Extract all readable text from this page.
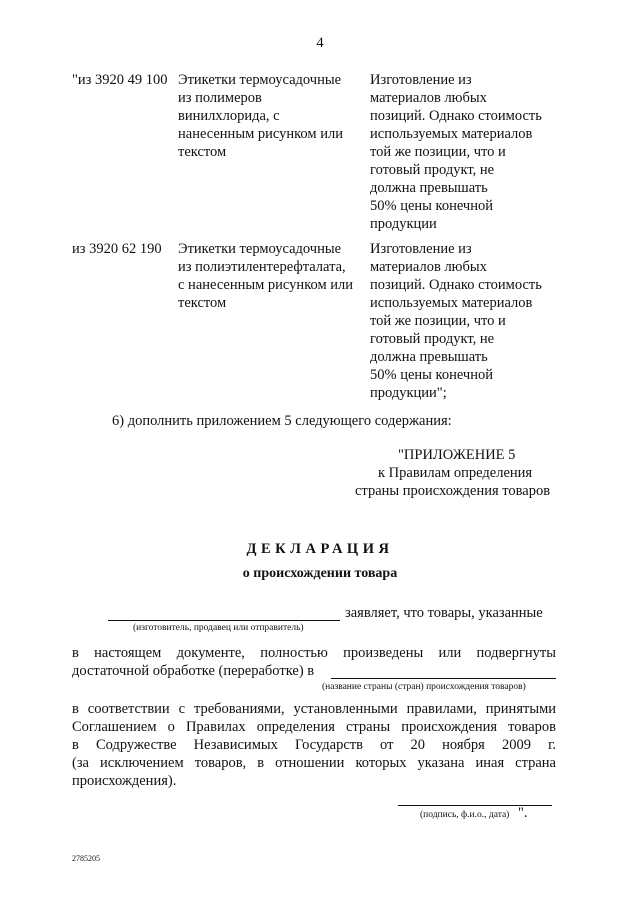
4
"из 3920 49 100 Этикетки термоусадочные
из полимеров
винилхлорида, с
нанесенным рисунком или
текстом
Изготовление из
материалов любых
позиций. Однако стоимость
используемых материалов
той же позиции, что и
готовый продукт, не
должна превышать
50% цены конечной
продукции
из 3920 62 190	Этикетки термоусадочные
из полиэтилентерефталата,
с нанесенным рисунком или
текстом
Изготовление из
материалов любых
позиций. Однако стоимость
используемых материалов
той же позиции, что и
готовый продукт, не
должна превышать
50% цены конечной
продукции";
6) дополнить приложением 5 следующего содержания:
"ПРИЛОЖЕНИЕ 5
к Правилам определения
страны происхождения товаров
ДЕКЛАРАЦИЯ
о происхождении товара
заявляет, что товары, указанные
(изготовитель, продавец или отправитель)
в настоящем документе, полностью произведены или подвергнуты
достаточной обработке (переработке) в
(название страны (стран) происхождения товаров)
в соответствии с требованиями, установленными правилами, принятыми
Соглашением о Правилах определения страны происхождения товаров
в Содружестве Независимых Государств от 20 ноября 2009 г.
(за исключением товаров, в отношении которых указана иная страна
происхождения).
(подпись, ф.и.о., дата) ".
2785205
